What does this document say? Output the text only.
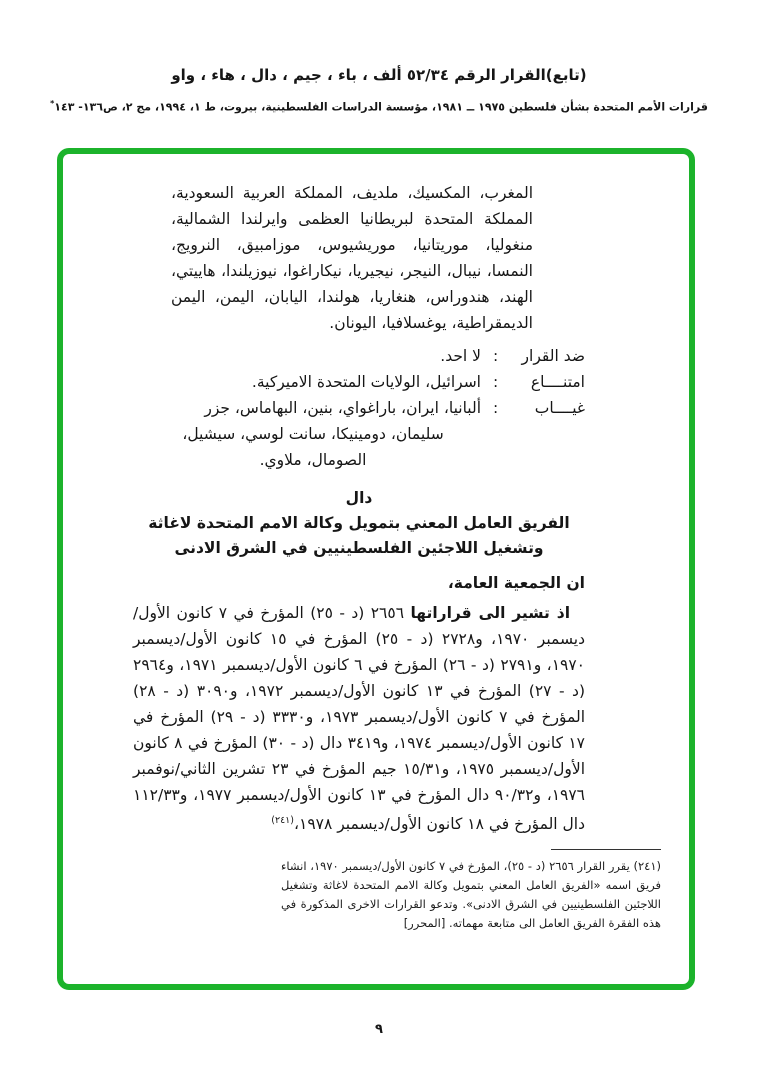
(تابع)القرار الرقم ٥٢/٣٤ ألف ، باء ، جيم ، دال ، هاء ، واو
قرارات الأمم المتحدة بشأن فلسطين ١٩٧٥ ــ ١٩٨١، مؤسسة الدراسات الفلسطينية، بيروت، ط ١، ١٩٩٤، مج ٢، ص١٣٦- ١٤٣*
المغرب، المكسيك، ملديف، المملكة العربية السعودية، المملكة المتحدة لبريطانيا العظمى وايرلندا الشمالية، منغوليا، موريتانيا، موريشيوس، موزامبيق، النرويج، النمسا، نيبال، النيجر، نيجيريا، نيكاراغوا، نيوزيلندا، هاييتي، الهند، هندوراس، هنغاريا، هولندا، اليابان، اليمن، اليمن الديمقراطية، يوغسلافيا، اليونان.
ضد القرار
:
لا احد.
امتنــــاع
:
اسرائيل، الولايات المتحدة الاميركية.
غيــــاب
:
ألبانيا، ايران، باراغواي، بنين، البهاماس، جزر
سليمان، دومينيكا، سانت لوسي، سيشيل،
الصومال، ملاوي.
دال
الفريق العامل المعني بتمويل وكالة الامم المتحدة لاغاثة
وتشغيل اللاجئين الفلسطينيين في الشرق الادنى
ان الجمعية العامة،
اذ تشير الى قراراتها ٢٦٥٦ (د - ٢٥) المؤرخ في ٧ كانون الأول/ديسمبر ١٩٧٠، و٢٧٢٨ (د - ٢٥) المؤرخ في ١٥ كانون الأول/ديسمبر ١٩٧٠، و٢٧٩١ (د - ٢٦) المؤرخ في ٦ كانون الأول/ديسمبر ١٩٧١، و٢٩٦٤ (د - ٢٧) المؤرخ في ١٣ كانون الأول/ديسمبر ١٩٧٢، و٣٠٩٠ (د - ٢٨) المؤرخ في ٧ كانون الأول/ديسمبر ١٩٧٣، و٣٣٣٠ (د - ٢٩) المؤرخ في ١٧ كانون الأول/ديسمبر ١٩٧٤، و٣٤١٩ دال (د - ٣٠) المؤرخ في ٨ كانون الأول/ديسمبر ١٩٧٥، و١٥/٣١ جيم المؤرخ في ٢٣ تشرين الثاني/نوفمبر ١٩٧٦، و٩٠/٣٢ دال المؤرخ في ١٣ كانون الأول/ديسمبر ١٩٧٧، و١١٢/٣٣ دال المؤرخ في ١٨ كانون الأول/ديسمبر ١٩٧٨،$^{(٢٤١)}$
(٢٤١) يقرر القرار ٢٦٥٦ (د - ٢٥)، المؤرخ في ٧ كانون الأول/ديسمبر ١٩٧٠، انشاء فريق اسمه «الفريق العامل المعني بتمويل وكالة الامم المتحدة لاغاثة وتشغيل اللاجئين الفلسطينيين في الشرق الادنى». وتدعو القرارات الاخرى المذكورة في هذه الفقرة الفريق العامل الى متابعة مهماته. [المحرر]
٩
